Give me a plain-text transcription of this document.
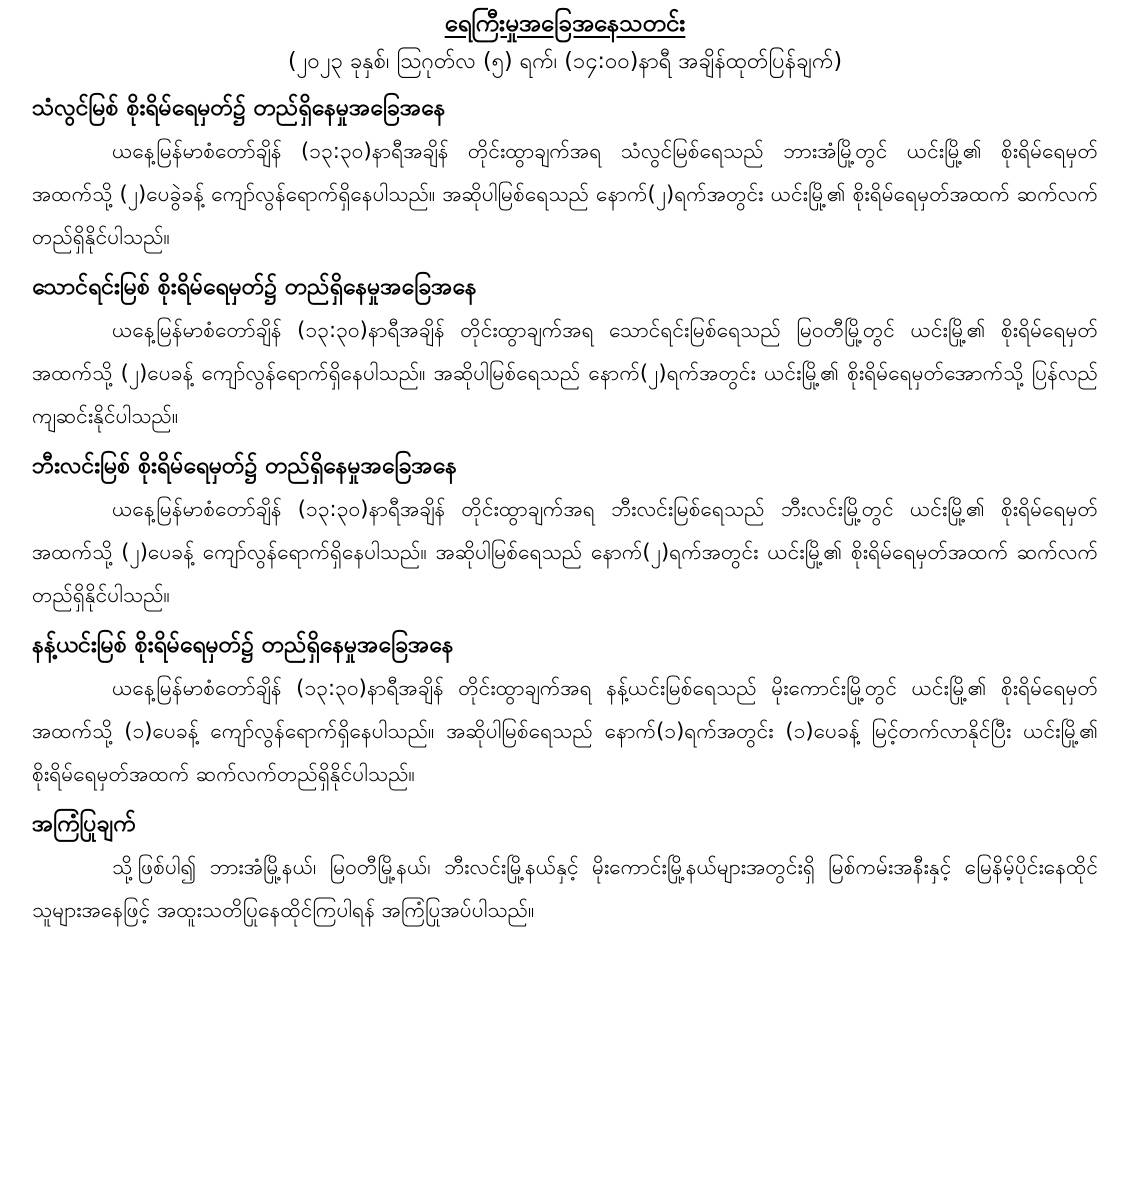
ရေကြီးမှုအခြေအနေသတင်း

(၂၀၂၃ ခုနှစ်၊ ဩဂုတ်လ (၅) ရက်၊ (၁၄:၀၀)နာရီ အချိန်ထုတ်ပြန်ချက်)

သံလွင်မြစ် စိုးရိမ်ရေမှတ်၌ တည်ရှိနေမှုအခြေအနေ

ယနေ့မြန်မာစံတော်ချိန် (၁၃:၃၀)နာရီအချိန် တိုင်းထွာချက်အရ သံလွင်မြစ်ရေသည် ဘားအံမြို့တွင် ယင်းမြို့၏ စိုးရိမ်ရေမှတ်အထက်သို့ (၂)ပေခွဲခန့် ကျော်လွန်ရောက်ရှိနေပါသည်။ အဆိုပါမြစ်ရေသည် နောက်(၂)ရက်အတွင်း ယင်းမြို့၏ စိုးရိမ်ရေမှတ်အထက် ဆက်လက်တည်ရှိနိုင်ပါသည်။

သောင်ရင်းမြစ် စိုးရိမ်ရေမှတ်၌ တည်ရှိနေမှုအခြေအနေ

ယနေ့မြန်မာစံတော်ချိန် (၁၃:၃၀)နာရီအချိန် တိုင်းထွာချက်အရ သောင်ရင်းမြစ်ရေသည် မြဝတီမြို့တွင် ယင်းမြို့၏ စိုးရိမ်ရေမှတ်အထက်သို့ (၂)ပေခန့် ကျော်လွန်ရောက်ရှိနေပါသည်။ အဆိုပါမြစ်ရေသည် နောက်(၂)ရက်အတွင်း ယင်းမြို့၏ စိုးရိမ်ရေမှတ်အောက်သို့ ပြန်လည်ကျဆင်းနိုင်ပါသည်။

ဘီးလင်းမြစ် စိုးရိမ်ရေမှတ်၌ တည်ရှိနေမှုအခြေအနေ

ယနေ့မြန်မာစံတော်ချိန် (၁၃:၃၀)နာရီအချိန် တိုင်းထွာချက်အရ ဘီးလင်းမြစ်ရေသည် ဘီးလင်းမြို့တွင် ယင်းမြို့၏ စိုးရိမ်ရေမှတ်အထက်သို့ (၂)ပေခန့် ကျော်လွန်ရောက်ရှိနေပါသည်။ အဆိုပါမြစ်ရေသည် နောက်(၂)ရက်အတွင်း ယင်းမြို့၏ စိုးရိမ်ရေမှတ်အထက် ဆက်လက်တည်ရှိနိုင်ပါသည်။

နန့်ယင်းမြစ် စိုးရိမ်ရေမှတ်၌ တည်ရှိနေမှုအခြေအနေ

ယနေ့မြန်မာစံတော်ချိန် (၁၃:၃၀)နာရီအချိန် တိုင်းထွာချက်အရ နန့်ယင်းမြစ်ရေသည် မိုးကောင်းမြို့တွင် ယင်းမြို့၏ စိုးရိမ်ရေမှတ်အထက်သို့ (၁)ပေခန့် ကျော်လွန်ရောက်ရှိနေပါသည်။ အဆိုပါမြစ်ရေသည် နောက်(၁)ရက်အတွင်း (၁)ပေခန့် မြင့်တက်လာနိုင်ပြီး ယင်းမြို့၏ စိုးရိမ်ရေမှတ်အထက် ဆက်လက်တည်ရှိနိုင်ပါသည်။

အကြံပြုချက်

သို့ဖြစ်ပါ၍ ဘားအံမြို့နယ်၊ မြဝတီမြို့နယ်၊ ဘီးလင်းမြို့နယ်နှင့် မိုးကောင်းမြို့နယ်များအတွင်းရှိ မြစ်ကမ်းအနီးနှင့် မြေနိမ့်ပိုင်းနေထိုင်သူများအနေဖြင့် အထူးသတိပြုနေထိုင်ကြပါရန် အကြံပြုအပ်ပါသည်။
